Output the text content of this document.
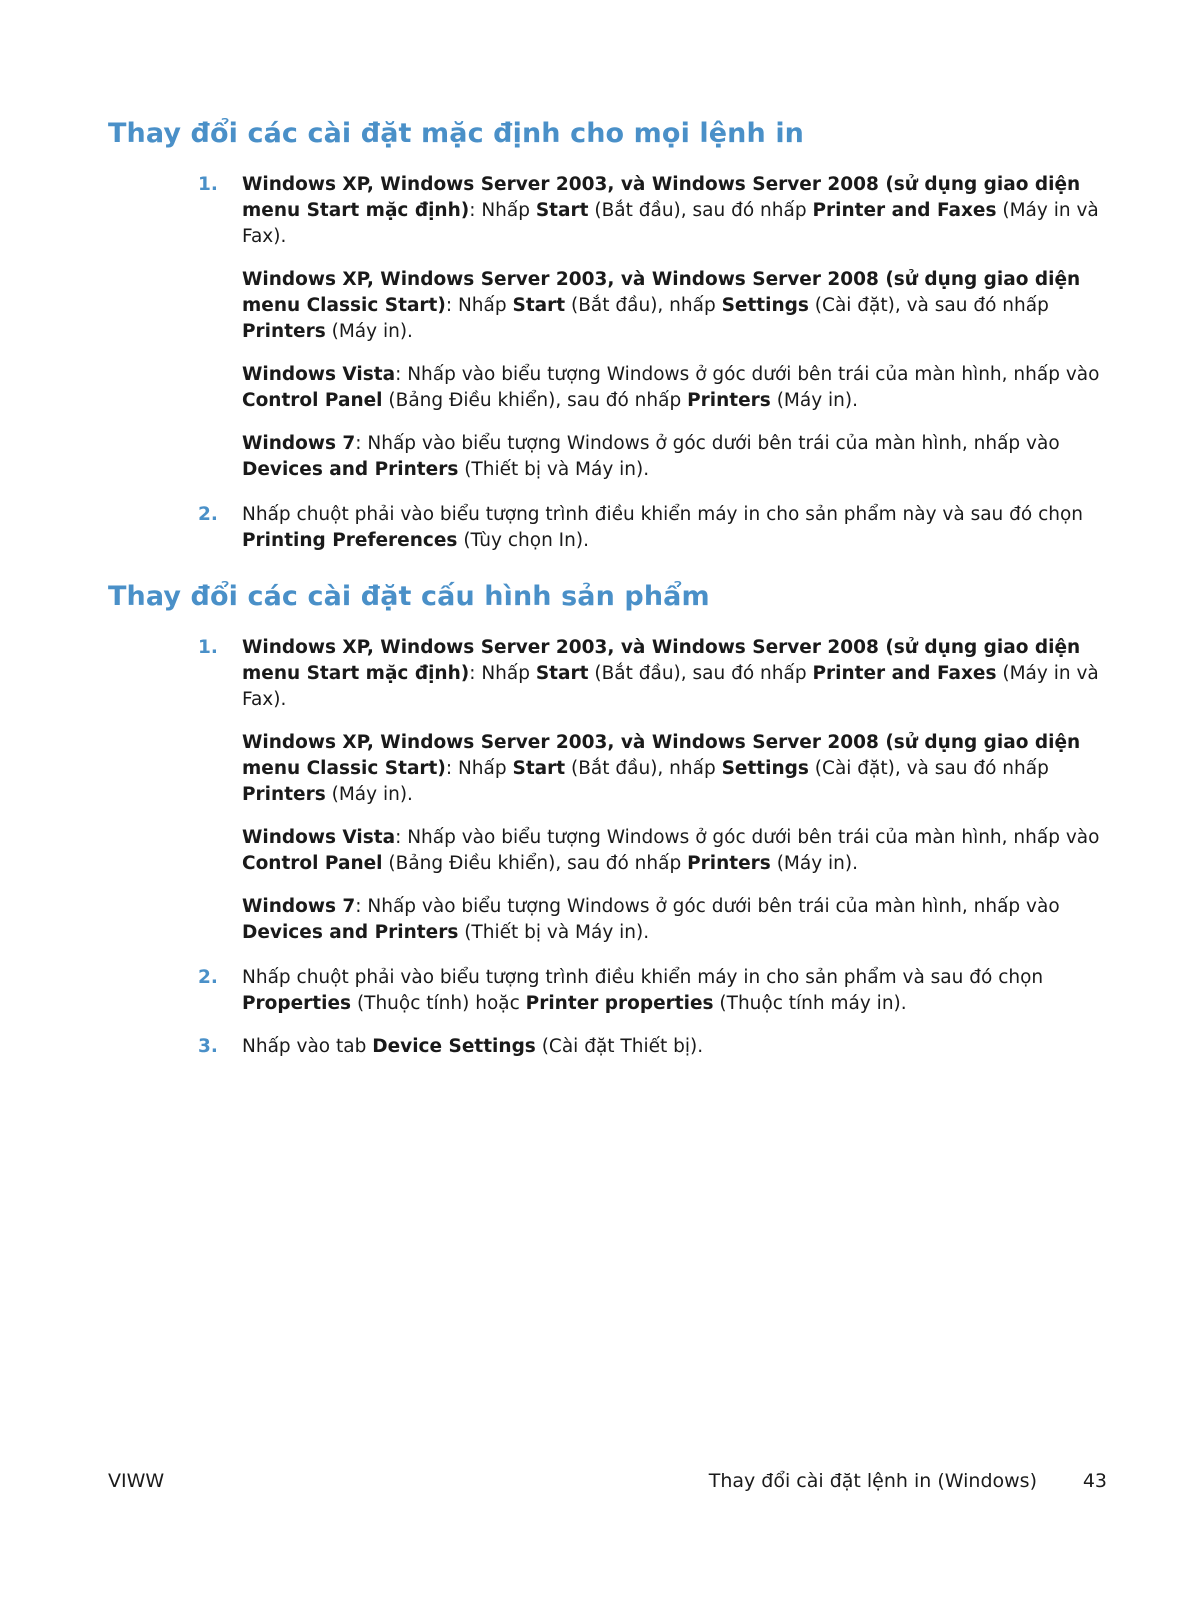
Thay đổi các cài đặt mặc định cho mọi lệnh in
1. Windows XP, Windows Server 2003, và Windows Server 2008 (sử dụng giao diện menu Start mặc định): Nhấp Start (Bắt đầu), sau đó nhấp Printer and Faxes (Máy in và Fax).

Windows XP, Windows Server 2003, và Windows Server 2008 (sử dụng giao diện menu Classic Start): Nhấp Start (Bắt đầu), nhấp Settings (Cài đặt), và sau đó nhấp Printers (Máy in).

Windows Vista: Nhấp vào biểu tượng Windows ở góc dưới bên trái của màn hình, nhấp vào Control Panel (Bảng Điều khiển), sau đó nhấp Printers (Máy in).

Windows 7: Nhấp vào biểu tượng Windows ở góc dưới bên trái của màn hình, nhấp vào Devices and Printers (Thiết bị và Máy in).

2. Nhấp chuột phải vào biểu tượng trình điều khiển máy in cho sản phẩm này và sau đó chọn Printing Preferences (Tùy chọn In).

Thay đổi các cài đặt cấu hình sản phẩm
1. Windows XP, Windows Server 2003, và Windows Server 2008 (sử dụng giao diện menu Start mặc định): Nhấp Start (Bắt đầu), sau đó nhấp Printer and Faxes (Máy in và Fax).

Windows XP, Windows Server 2003, và Windows Server 2008 (sử dụng giao diện menu Classic Start): Nhấp Start (Bắt đầu), nhấp Settings (Cài đặt), và sau đó nhấp Printers (Máy in).

Windows Vista: Nhấp vào biểu tượng Windows ở góc dưới bên trái của màn hình, nhấp vào Control Panel (Bảng Điều khiển), sau đó nhấp Printers (Máy in).

Windows 7: Nhấp vào biểu tượng Windows ở góc dưới bên trái của màn hình, nhấp vào Devices and Printers (Thiết bị và Máy in).

2. Nhấp chuột phải vào biểu tượng trình điều khiển máy in cho sản phẩm và sau đó chọn Properties (Thuộc tính) hoặc Printer properties (Thuộc tính máy in).

3. Nhấp vào tab Device Settings (Cài đặt Thiết bị).

VIWW	Thay đổi cài đặt lệnh in (Windows) 43
